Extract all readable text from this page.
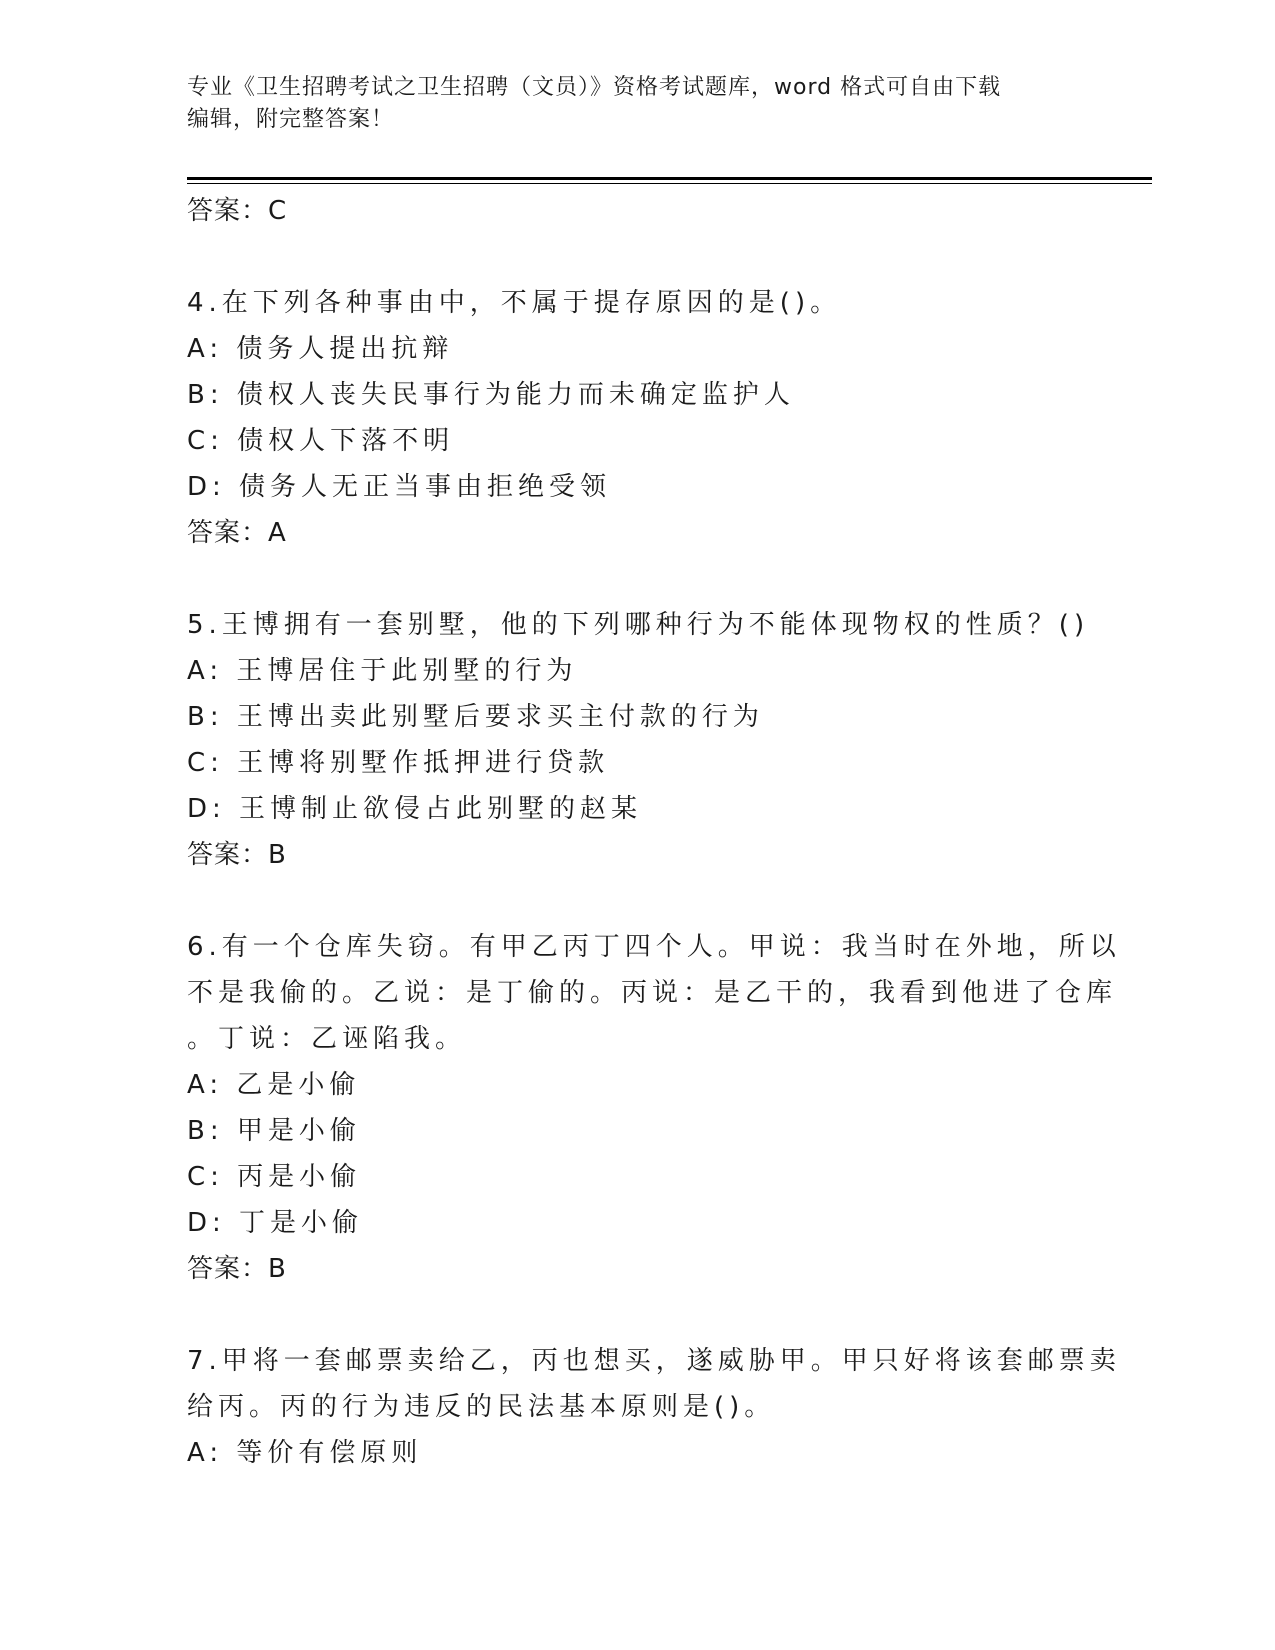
专业《卫生招聘考试之卫生招聘（文员）》资格考试题库，word 格式可自由下载
编辑，附完整答案！
答案：C
4.在下列各种事由中，不属于提存原因的是()。
A: 债务人提出抗辩
B: 债权人丧失民事行为能力而未确定监护人
C: 债权人下落不明
D: 债务人无正当事由拒绝受领
答案：A
5.王博拥有一套别墅，他的下列哪种行为不能体现物权的性质？()
A: 王博居住于此别墅的行为
B: 王博出卖此别墅后要求买主付款的行为
C: 王博将别墅作抵押进行贷款
D: 王博制止欲侵占此别墅的赵某
答案：B
6.有一个仓库失窃。有甲乙丙丁四个人。甲说：我当时在外地，所以
不是我偷的。乙说：是丁偷的。丙说：是乙干的，我看到他进了仓库
。丁说：乙诬陷我。
A: 乙是小偷
B: 甲是小偷
C: 丙是小偷
D: 丁是小偷
答案：B
7.甲将一套邮票卖给乙，丙也想买，遂威胁甲。甲只好将该套邮票卖
给丙。丙的行为违反的民法基本原则是()。
A: 等价有偿原则
